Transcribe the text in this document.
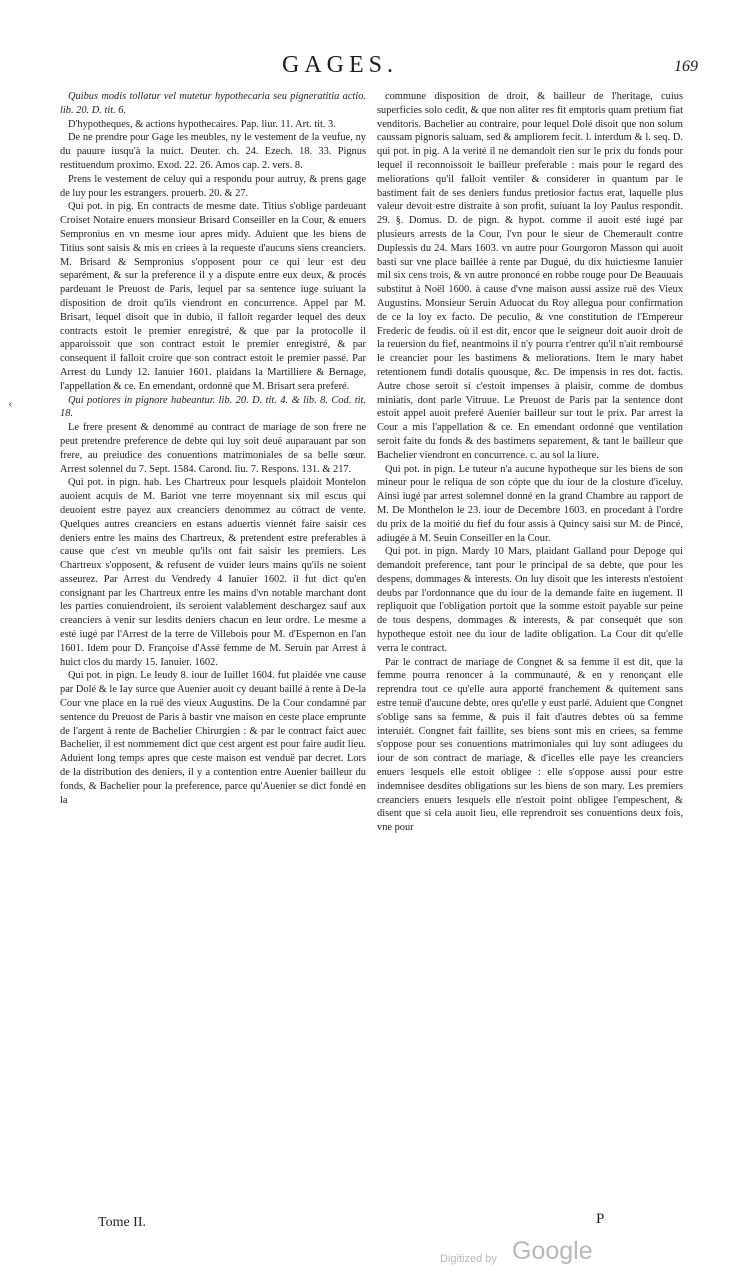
GAGES.	169
‹

Quibus modis tollatur vel mutetur hypothecaria seu pigneratitia actio. lib. 20. D. tit. 6.

D'hypotheques, & actions hypothecaires. Pap. liur. 11. Art. tit. 3.

De ne prendre pour Gage les meubles, ny le vestement de la veufue, ny du pauure iusqu'à la nuict. Deuter. ch. 24. Ezech. 18. 33. Pignus restituendum proximo. Exod. 22. 26. Amos cap. 2. vers. 8.

Prens le vestement de celuy qui a respondu pour autruy, & prens gage de luy pour les estrangers. prouerb. 20. & 27.

Qui pot. in pig. En contracts de mesme date. Titius s'oblige pardeuant Croiset Notaire enuers monsieur Brisard Conseiller en la Cour, & enuers Sempronius en vn mesme iour apres midy. Aduient que les biens de Titius sont saisis & mis en criees à la requeste d'aucuns siens creanciers. M. Brisard & Sempronius s'opposent pour ce qui leur est deu separément, & sur la preference il y a dispute entre eux deux, & procés pardeuant le Preuost de Paris, lequel par sa sentence iuge suiuant la disposition de droit qu'ils viendront en concurrence. Appel par M. Brisart, lequel disoit que in dubio, il falloit regarder lequel des deux contracts estoit le premier enregistré, & que par la protocolle il apparoissoit que son contract estoit le premier enregistré, & par consequent il falloit croire que son contract estoit le premier passé. Par Arrest du Lundy 12. Ianuier 1601. plaidans la Martilliere & Bernage, l'appellation & ce. En emendant, ordonné que M. Brisart sera preferé.

Qui potiores in pignore habeantur. lib. 20. D. tit. 4. & lib. 8. Cod. tit. 18.

Le frere present & denommé au contract de mariage de son frere ne peut pretendre preference de debte qui luy soit deuë auparauant par son frere, au preiudice des conuentions matrimoniales de sa belle sœur. Arrest solennel du 7. Sept. 1584. Carond. liu. 7. Respons. 131. & 217.

Qui pot. in pign. hab. Les Chartreux pour lesquels plaidoit Montelon auoient acquis de M. Bariot vne terre moyennant six mil escus qui deuoient estre payez aux creanciers denommez au cótract de vente. Quelques autres creanciers en estans aduertis viennét faire saisir ces deniers entre les mains des Chartreux, & pretendent estre preferables à cause que c'est vn meuble qu'ils ont fait saisir les premiers. Les Chartreux s'opposent, & refusent de vuider leurs mains qu'ils ne soient asseurez. Par Arrest du Vendredy 4 Ianuier 1602. il fut dict qu'en consignant par les Chartreux entre les mains d'vn notable marchant dont les parties conuiendroient, ils seroient valablement deschargez sauf aux creanciers à venir sur lesdits deniers chacun en leur ordre. Le mesme a esté iugé par l'Arrest de la terre de Villebois pour M. d'Espernon en l'an 1601. Idem pour D. Françoise d'Assé femme de M. Seruin par Arrest à huict clos du mardy 15. Ianuier. 1602.

Qui pot. in pign. Le Ieudy 8. iour de Iuillet 1604. fut plaidée vne cause par Dolé & le Iay surce que Auenier auoit cy deuant baillé à rente à De-la Cour vne place en la ruë des vieux Augustins. De la Cour condamné par sentence du Preuost de Paris à bastir vne maison en ceste place emprunte de l'argent à rente de Bachelier Chirurgien : & par le contract faict auec Bachelier, il est nommement dict que cest argent est pour faire audit lieu. Aduient long temps apres que ceste maison est venduë par decret. Lors de la distribution des deniers, il y a contention entre Auenier bailleur du fonds, & Bachelier pour la preference, parce qu'Auenier se dict fondé en la

commune disposition de droit, & bailleur de l'heritage, cuius superficies solo cedit, & que non aliter res fit emptoris quam pretium fiat venditoris. Bachelier au contraire, pour lequel Dolé disoit que non solum caussam pignoris saluam, sed & ampliorem fecit. l. interdum & l. seq. D. qui pot. in pig. A la verité il ne demandoit rien sur le prix du fonds pour lequel il reconnoissoit le bailleur preferable : mais pour le regard des meliorations qu'il falloit ventiler & considerer in quantum par le bastiment fait de ses deniers fundus pretiosior factus erat, laquelle plus valeur devoit estre distraite à son profit, suiuant la loy Paulus respondit. 29. §. Domus. D. de pign. & hypot. comme il auoit esté iugé par plusieurs arrests de la Cour, l'vn pour le sieur de Chemerault contre Duplessis du 24. Mars 1603. vn autre pour Gourgoron Masson qui auoit basti sur vne place baillée à rente par Dugué, du dix huictiesme Ianuier mil six cens trois, & vn autre prononcé en robbe rouge pour De Beauuais substitut à Noël 1600. à cause d'vne maison aussi assize ruë des Vieux Augustins. Monsieur Seruin Aduocat du Roy allegua pour confirmation de ce la loy ex facto. De peculio, & vne constitution de l'Empereur Frederic de feudis. où il est dit, encor que le seigneur doit auoir droit de la reuersion du fief, neantmoins il n'y pourra r'entrer qu'il n'ait remboursé le creancier pour les bastimens & meliorations. Item le mary habet retentionem fundi dotalis quousque, &c. De impensis in res dot. factis. Autre chose seroit si c'estoit impenses à plaisir, comme de dombus miniatis, dont parle Vitruue. Le Preuost de Paris par la sentence dont estoit appel auoit preferé Auenier bailleur sur tout le prix. Par arrest la Cour a mis l'appellation & ce. En emendant ordonné que ventilation seroit faite du fonds & des bastimens separement, & tant le bailleur que Bachelier viendront en concurrence. c. au sol la liure.

Qui pot. in pign. Le tuteur n'a aucune hypotheque sur les biens de son mineur pour le reliqua de son cópte que du iour de la closture d'iceluy. Ainsi iugé par arrest solemnel donné en la grand Chambre au rapport de M. De Monthelon le 23. iour de Decembre 1603. en procedant à l'ordre du prix de la moitié du fief du four assis à Quincy saisi sur M. de Pincé, adiugée à M. Seuin Conseiller en la Cour.

Qui pot. in pign. Mardy 10 Mars, plaidant Galland pour Depoge qui demandoit preference, tant pour le principal de sa debte, que pour les despens, dommages & interests. On luy disoit que les interests n'estoient deubs par l'ordonnance que du iour de la demande faite en iugement. Il repliquoit que l'obligation portoit que la somme estoit payable sur peine de tous despens, dommages & interests, & par consequét que son hypotheque estoit nee du iour de ladite obligation. La Cour dit qu'elle verra le contract.

Par le contract de mariage de Congnet & sa femme il est dit, que la femme pourra renoncer à la communauté, & en y renonçant elle reprendra tout ce qu'elle aura apporté franchement & quitement sans estre tenuë d'aucune debte, ores qu'elle y eust parlé. Aduient que Congnet s'oblige sans sa femme, & puis il fait d'autres debtes où sa femme interuiét. Congnet fait faillite, ses biens sont mis en criees, sa femme s'oppose pour ses conuentions matrimoniales qui luy sont adiugees du iour de son contract de mariage, & d'icelles elle paye les creanciers enuers lesquels elle estoit obligee : elle s'oppose aussi pour estre indemnisee desdites obligations sur les biens de son mary. Les premiers creanciers enuers lesquels elle n'estoit point obligee l'empeschent, & disent que si cela auoit lieu, elle reprendroit ses conuentions deux fois, vne pour

Tome II.	P
Digitized by Google
